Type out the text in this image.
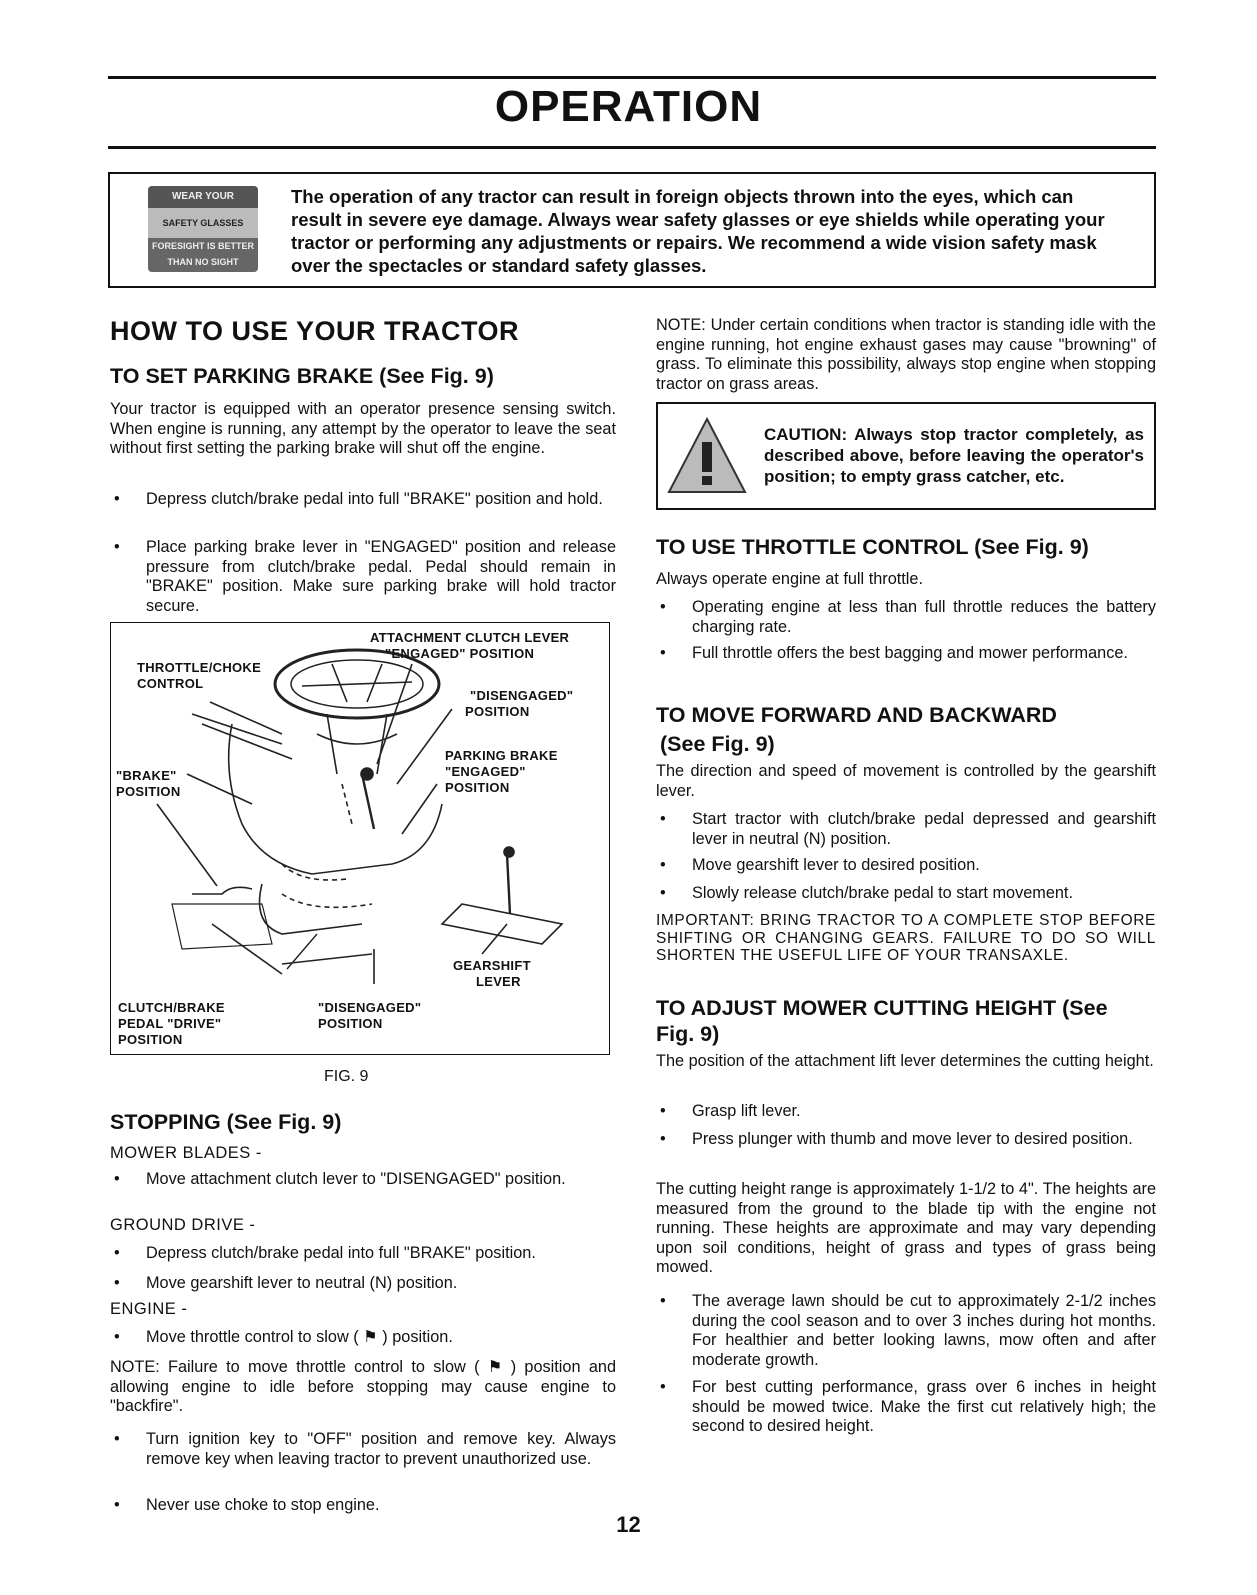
OPERATION
WEAR YOUR
SAFETY GLASSES
FORESIGHT IS BETTER THAN NO SIGHT
The operation of any tractor can result in foreign objects thrown into the eyes, which can
result in severe eye damage. Always wear safety glasses or eye shields while operating your
tractor or performing any adjustments or repairs. We recommend a wide vision safety mask
over the spectacles or standard safety glasses.
HOW TO USE YOUR TRACTOR
TO SET PARKING BRAKE (See Fig. 9)
Your tractor is equipped with an operator presence sensing switch. When engine is running, any attempt by the operator to leave the seat without first setting the parking brake will shut off the engine.
• Depress clutch/brake pedal into full "BRAKE" position and hold.
• Place parking brake lever in "ENGAGED" position and release pressure from clutch/brake pedal. Pedal should remain in "BRAKE" position. Make sure parking brake will hold tractor secure.
ATTACHMENT CLUTCH LEVER
"ENGAGED" POSITION
THROTTLE/CHOKE
CONTROL
"DISENGAGED"
POSITION
PARKING BRAKE
"ENGAGED"
POSITION
"BRAKE"
POSITION
GEARSHIFT
LEVER
CLUTCH/BRAKE
PEDAL "DRIVE"
POSITION
"DISENGAGED"
POSITION
FIG. 9
STOPPING (See Fig. 9)
MOWER BLADES -
• Move attachment clutch lever to "DISENGAGED" position.
GROUND DRIVE -
• Depress clutch/brake pedal into full "BRAKE" position.
• Move gearshift lever to neutral (N) position.
ENGINE -
• Move throttle control to slow ( ⚑ ) position.
NOTE: Failure to move throttle control to slow ( ⚑ ) position and allowing engine to idle before stopping may cause engine to "backfire".
• Turn ignition key to "OFF" position and remove key. Always remove key when leaving tractor to prevent unauthorized use.
• Never use choke to stop engine.
NOTE: Under certain conditions when tractor is standing idle with the engine running, hot engine exhaust gases may cause "browning" of grass. To eliminate this possibility, always stop engine when stopping tractor on grass areas.
CAUTION: Always stop tractor completely, as described above, before leaving the operator's position; to empty grass catcher, etc.
TO USE THROTTLE CONTROL (See Fig. 9)
Always operate engine at full throttle.
• Operating engine at less than full throttle reduces the battery charging rate.
• Full throttle offers the best bagging and mower performance.
TO MOVE FORWARD AND BACKWARD
(See Fig. 9)
The direction and speed of movement is controlled by the gearshift lever.
• Start tractor with clutch/brake pedal depressed and gearshift lever in neutral (N) position.
• Move gearshift lever to desired position.
• Slowly release clutch/brake pedal to start movement.
IMPORTANT: BRING TRACTOR TO A COMPLETE STOP BEFORE SHIFTING OR CHANGING GEARS. FAILURE TO DO SO WILL SHORTEN THE USEFUL LIFE OF YOUR TRANSAXLE.
TO ADJUST MOWER CUTTING HEIGHT (See
Fig. 9)
The position of the attachment lift lever determines the cutting height.
• Grasp lift lever.
• Press plunger with thumb and move lever to desired position.
The cutting height range is approximately 1-1/2 to 4". The heights are measured from the ground to the blade tip with the engine not running. These heights are approximate and may vary depending upon soil conditions, height of grass and types of grass being mowed.
• The average lawn should be cut to approximately 2-1/2 inches during the cool season and to over 3 inches during hot months. For healthier and better looking lawns, mow often and after moderate growth.
• For best cutting performance, grass over 6 inches in height should be mowed twice. Make the first cut relatively high; the second to desired height.
12
